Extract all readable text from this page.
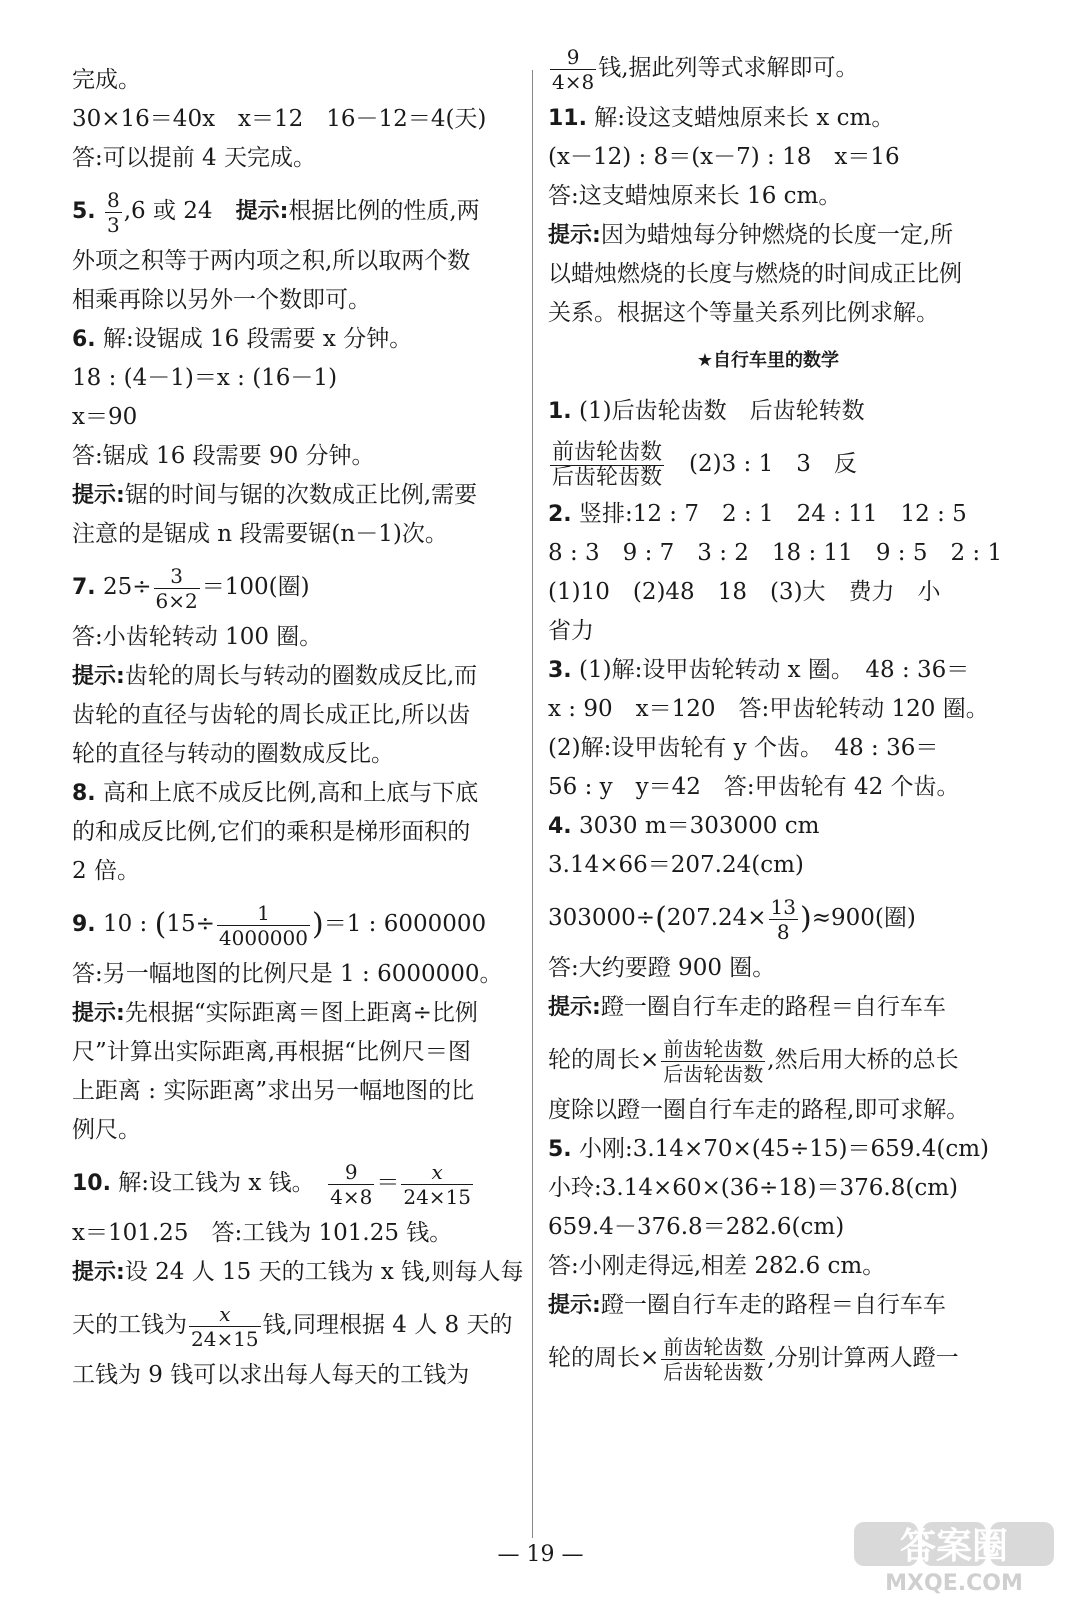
完成。
30×16＝40x　x＝12　16－12＝4(天)
答:可以提前 4 天完成。
5. $\frac{8}{3} ,6$ 或 24　提示:根据比例的性质,两
外项之积等于两内项之积,所以取两个数
相乘再除以另外一个数即可。
6. 解:设锯成 16 段需要 x 分钟。
18 : (4－1)＝x : (16－1)
x＝90
答:锯成 16 段需要 90 分钟。
提示:锯的时间与锯的次数成正比例,需要
注意的是锯成 n 段需要锯(n－1)次。
7. $25\div \frac{3}{6\times 2} =100$(圈)
答:小齿轮转动 100 圈。
提示:齿轮的周长与转动的圈数成反比,而
齿轮的直径与齿轮的周长成正比,所以齿
轮的直径与转动的圈数成反比。
8. 高和上底不成反比例,高和上底与下底
的和成反比例,它们的乘积是梯形面积的
2 倍。
9. 10 : $(15\div \frac{1}{4000000} )=1$ : 6000000
答:另一幅地图的比例尺是 1 : 6000000。
提示:先根据“实际距离＝图上距离÷比例
尺”计算出实际距离,再根据“比例尺＝图
上距离 : 实际距离”求出另一幅地图的比
例尺。
10. 解:设工钱为 x 钱。　 $\frac{9}{4\times 8} = \frac{x}{24\times 15}$
x＝101.25　答:工钱为 101.25 钱。
提示:设 24 人 15 天的工钱为 x 钱,则每人每
天的工钱为 $\frac{x}{24\times 15}$ 钱,同理根据 4 人 8 天的
工钱为 9 钱可以求出每人每天的工钱为
$\frac{9}{4\times 8}$ 钱,据此列等式求解即可。
11. 解:设这支蜡烛原来长 x cm。
(x－12) : 8＝(x－7) : 18　x＝16
答:这支蜡烛原来长 16 cm。
提示:因为蜡烛每分钟燃烧的长度一定,所
以蜡烛燃烧的长度与燃烧的时间成正比例
关系。根据这个等量关系列比例求解。
★自行车里的数学
1. (1)后齿轮齿数　后齿轮转数
$\frac{\text{前齿轮齿数}}{\text{后齿轮齿数}}$ 　(2)3 : 1　3　反
2. 竖排:12 : 7　2 : 1　24 : 11　12 : 5
8 : 3　9 : 7　3 : 2　18 : 11　9 : 5　2 : 1
(1)10　(2)48　18　(3)大　费力　小
省力
3. (1)解:设甲齿轮转动 x 圈。　48 : 36＝
x : 90　x＝120　答:甲齿轮转动 120 圈。
(2)解:设甲齿轮有 y 个齿。　48 : 36＝
56 : y　y＝42　答:甲齿轮有 42 个齿。
4. 3030 m＝303000 cm
3.14×66＝207.24(cm)
$303000\div(207.24\times \frac{13}{8} )\approx 900$(圈)
答:大约要蹬 900 圈。
提示:蹬一圈自行车走的路程＝自行车车
轮的周长× $\frac{\text{前齿轮齿数}}{\text{后齿轮齿数}}$ ,然后用大桥的总长
度除以蹬一圈自行车走的路程,即可求解。
5. 小刚:3.14×70×(45÷15)＝659.4(cm)
小玲:3.14×60×(36÷18)＝376.8(cm)
659.4－376.8＝282.6(cm)
答:小刚走得远,相差 282.6 cm。
提示:蹬一圈自行车走的路程＝自行车车
轮的周长× $\frac{\text{前齿轮齿数}}{\text{后齿轮齿数}}$ ,分别计算两人蹬一
— 19 —	答案圈
MXQE.COM
